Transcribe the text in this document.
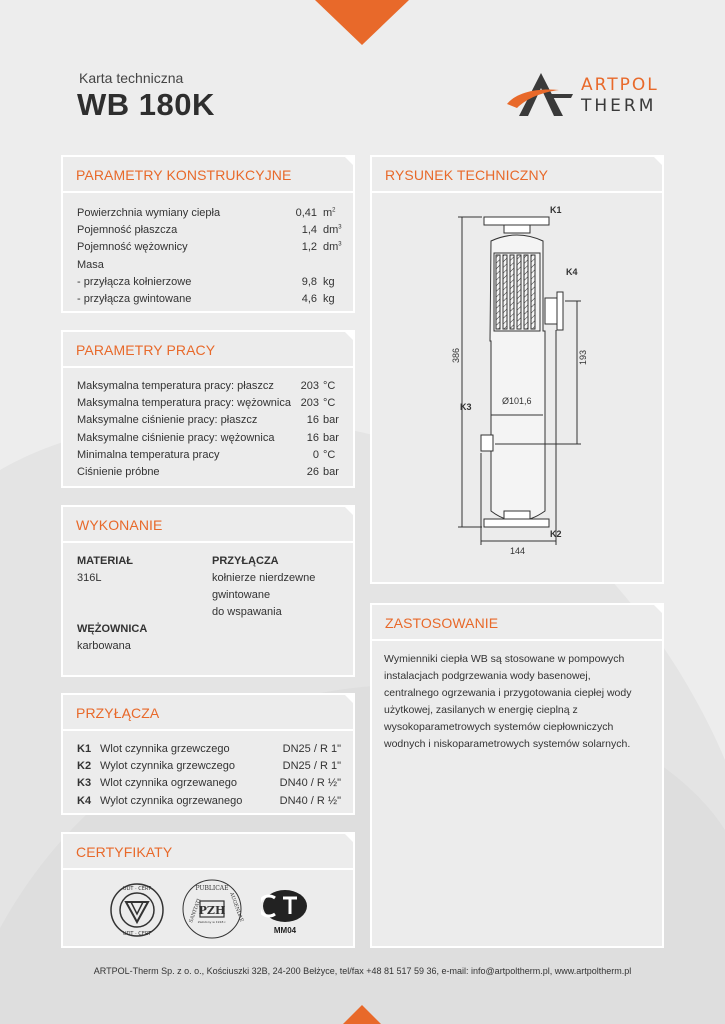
Karta techniczna
WB 180K
ARTPOL
THERM
PARAMETRY KONSTRUKCYJNE
Powierzchnia wymiany ciepła	0,41 $m^2$
Pojemność płaszcza	1,4 $dm^3$
Pojemność wężownicy	1,2 $dm^3$
Masa
- przyłącza kołnierzowe	9,8 kg
- przyłącza gwintowane	4,6 kg
PARAMETRY PRACY
Maksymalna temperatura pracy: płaszcz	203 °C
Maksymalna temperatura pracy: wężownica 203 °C
Maksymalne ciśnienie pracy: płaszcz	16 bar
Maksymalne ciśnienie pracy: wężownica	16 bar
Minimalna temperatura pracy	0 °C
Ciśnienie próbne	26 bar
WYKONANIE
MATERIAŁ
316L
PRZYŁĄCZA
kołnierze nierdzewne
gwintowane
do wspawania
WĘŻOWNICA
karbowana
PRZYŁĄCZA
K1 Wlot czynnika grzewczego	DN25 / R 1"
K2 Wylot czynnika grzewczego	DN25 / R 1"
K3 Wlot czynnika ogrzewanego	DN40 / R ½"
K4 Wylot czynnika ogrzewanego	DN40 / R ½"
CERTYFIKATY
UDT · CERT
UDT · CERT
PUBLICAE
SANITATI	AUGENDAE
PZH
Założony w 1918 r.
MM04
RYSUNEK TECHNICZNY
K1
K4
K3
K2
386	193
Ø101,6
144
ZASTOSOWANIE
Wymienniki ciepła WB są stosowane w pompowych
instalacjach podgrzewania wody basenowej,
centralnego ogrzewania i przygotowania ciepłej wody
użytkowej, zasilanych w energię cieplną z
wysokoparametrowych systemów ciepłowniczych
wodnych i niskoparametrowych systemów solarnych.
ARTPOL-Therm Sp. z o. o., Kościuszki 32B, 24-200 Bełżyce, tel/fax +48 81 517 59 36, e-mail: info@artpoltherm.pl, www.artpoltherm.pl
